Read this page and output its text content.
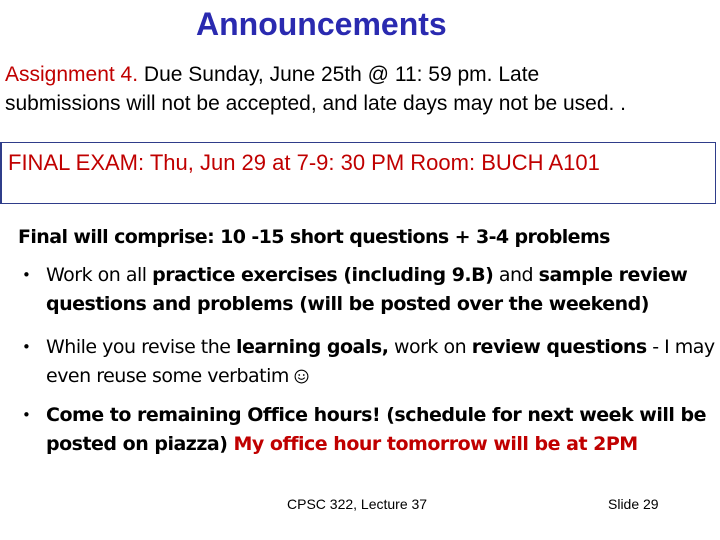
Announcements
Assignment 4. Due Sunday, June 25th @ 11: 59 pm. Late
submissions will not be accepted, and late days may not be used. .
FINAL EXAM: Thu, Jun 29 at 7-9: 30 PM Room: BUCH A101
Final will comprise: 10 -15 short questions + 3-4 problems
• Work on all practice exercises (including 9.B) and sample review questions and problems (will be posted over the weekend)
• While you revise the learning goals, work on review questions - I may even reuse some verbatim
• Come to remaining Office hours! (schedule for next week will be posted on piazza) My office hour tomorrow will be at 2PM
CPSC 322, Lecture 37	Slide 29
